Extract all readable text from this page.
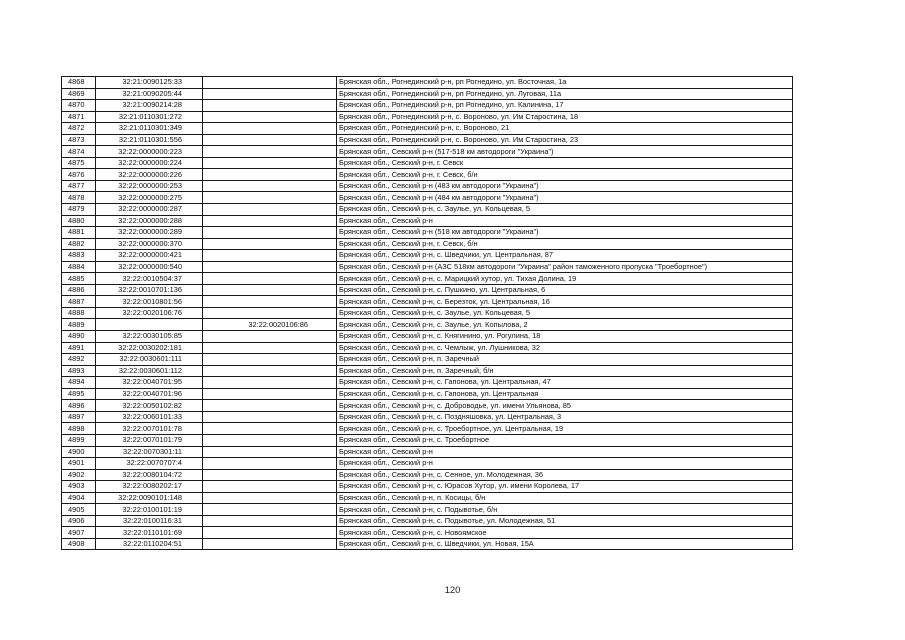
4868	32:21:0090125:33		Брянская обл., Рогнединский р-н, рп Рогнедино, ул. Восточная, 1а
4869	32:21:0090205:44		Брянская обл., Рогнединский р-н, рп Рогнедино, ул. Луговая, 11а
4870	32:21:0090214:28		Брянская обл., Рогнединский р-н, рп Рогнедино, ул. Калинина, 17
4871	32:21:0110301:272		Брянская обл., Рогнединский р-н, с. Вороново, ул. Им Старостина, 18
4872	32:21:0110301:349		Брянская обл., Рогнединский р-н, с. Вороново, 21
4873	32:21:0110301:556		Брянская обл., Рогнединский р-н, с. Вороново, ул. Им Старостина, 23
4874	32:22:0000000:223		Брянская обл., Севский р-н (517-518 км автодороги "Украина")
4875	32:22:0000000:224		Брянская обл., Севский р-н, г. Севск
4876	32:22:0000000:226		Брянская обл., Севский р-н, г. Севск, б/н
4877	32:22:0000000:253		Брянская обл., Севский р-н (483 км автодороги "Украина")
4878	32:22:0000000:275		Брянская обл., Севский р-н (484 км автодороги "Украина")
4879	32:22:0000000:287		Брянская обл., Севский р-н, с. Заулье, ул. Кольцевая, 5
4880	32:22:0000000:288		Брянская обл., Севский р-н
4881	32:22:0000000:289		Брянская обл., Севский р-н (518 км автодороги "Украина")
4882	32:22:0000000:370		Брянская обл., Севский р-н, г. Севск, б/н
4883	32:22:0000000:421		Брянская обл., Севский р-н, с. Шведчики, ул. Центральная, 87
4884	32:22:0000000:540		Брянская обл., Севский р-н (АЗС 518км автодороги "Украина" район таможенного пропуска "Троебортное")
4885	32:22:0010504:37		Брянская обл., Севский р-н, с. Марицкий хутор, ул. Тихая Долина, 19
4886	32:22:0010701:136		Брянская обл., Севский р-н, с. Пушкино, ул. Центральная, 6
4887	32:22:0010801:56		Брянская обл., Севский р-н, с. Березток, ул. Центральная, 16
4888	32:22:0020106:76		Брянская обл., Севский р-н, с. Заулье, ул. Кольцевая, 5
4889		32:22:0020106:86	Брянская обл., Севский р-н, с. Заулье, ул. Копылова, 2
4890	32:22:0030105:85		Брянская обл., Севский р-н, с. Княгинино, ул. Рогулина, 18
4891	32:22:0030202:181		Брянская обл., Севский р-н, с. Чемлыж, ул. Лушникова, 32
4892	32:22:0030601:111		Брянская обл., Севский р-н, п. Заречный
4893	32:22:0030601:112		Брянская обл., Севский р-н, п. Заречный, б/н
4894	32:22:0040701:95		Брянская обл., Севский р-н, с. Гапонова, ул. Центральная, 47
4895	32:22:0040701:96		Брянская обл., Севский р-н, с. Гапонова, ул. Центральная
4896	32:22:0050102:82		Брянская обл., Севский р-н, с. Доброводье, ул. имени Ульянова, 85
4897	32:22:0060101:33		Брянская обл., Севский р-н, с. Поздняшовка, ул. Центральная, 3
4898	32:22:0070101:78		Брянская обл., Севский р-н, с. Троебортное, ул. Центральная, 19
4899	32:22:0070101:79		Брянская обл., Севский р-н, с. Троебортное
4900	32:22:0070301:11		Брянская обл., Севский р-н
4901	32:22:0070707:4		Брянская обл., Севский р-н
4902	32:22:0080104:72		Брянская обл., Севский р-н, с. Сенное, ул. Молодежная, 36
4903	32:22:0080202:17		Брянская обл., Севский р-н, с. Юрасов Хутор, ул. имени Королева, 17
4904	32:22:0090101:148		Брянская обл., Севский р-н, п. Косицы, б/н
4905	32:22:0100101:19		Брянская обл., Севский р-н, с. Подывотье, б/н
4906	32:22:0100116:31		Брянская обл., Севский р-н, с. Подывотье, ул. Молодежная, 51
4907	32:22:0110101:69		Брянская обл., Севский р-н, с. Новоямское
4908	32:22:0110204:51		Брянская обл., Севский р-н, с. Шведчики, ул. Новая, 15А
120
